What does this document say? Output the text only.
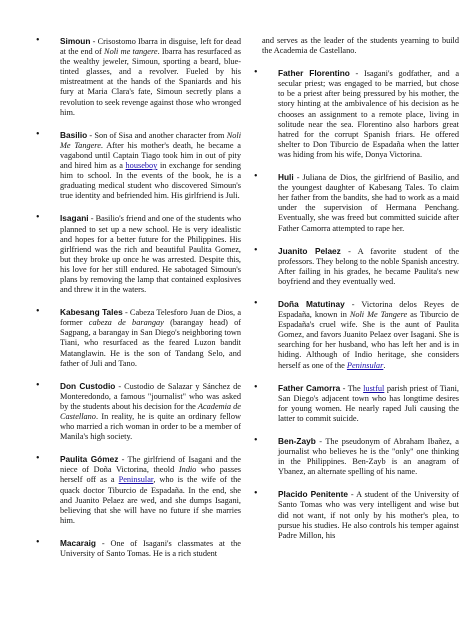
• Simoun - Crisostomo Ibarra in disguise, left for dead at the end of Noli me tangere. Ibarra has resurfaced as the wealthy jeweler, Simoun, sporting a beard, blue-tinted glasses, and a revolver. Fueled by his mistreatment at the hands of the Spaniards and his fury at Maria Clara's fate, Simoun secretly plans a revolution to seek revenge against those who wronged him.
• Basilio - Son of Sisa and another character from Noli Me Tangere. After his mother's death, he became a vagabond until Captain Tiago took him in out of pity and hired him as a houseboy in exchange for sending him to school. In the events of the book, he is a graduating medical student who discovered Simoun's true identity and befriended him. His girlfriend is Juli.
• Isagani - Basilio's friend and one of the students who planned to set up a new school. He is very idealistic and hopes for a better future for the Philippines. His girlfriend was the rich and beautiful Paulita Gomez, but they broke up once he was arrested. Despite this, his love for her still endured. He sabotaged Simoun's plans by removing the lamp that contained explosives and threw it in the waters.
• Kabesang Tales - Cabeza Telesforo Juan de Dios, a former cabeza de barangay (barangay head) of Sagpang, a barangay in San Diego's neighboring town Tiani, who resurfaced as the feared Luzon bandit Matanglawin. He is the son of Tandang Selo, and father of Juli and Tano.
• Don Custodio - Custodio de Salazar y Sánchez de Monteredondo, a famous "journalist" who was asked by the students about his decision for the Academia de Castellano. In reality, he is quite an ordinary fellow who married a rich woman in order to be a member of Manila's high society.
• Paulita Gómez - The girlfriend of Isagani and the niece of Doña Victorina, theold Indio who passes herself off as a Peninsular, who is the wife of the quack doctor Tiburcio de Espadaña. In the end, she and Juanito Pelaez are wed, and she dumps Isagani, believing that she will have no future if she marries him.
• Macaraig - One of Isagani's classmates at the University of Santo Tomas. He is a rich student
and serves as the leader of the students yearning to build the Academia de Castellano.
• Father Florentino - Isagani's godfather, and a secular priest; was engaged to be married, but chose to be a priest after being pressured by his mother, the story hinting at the ambivalence of his decision as he chooses an assignment to a remote place, living in solitude near the sea. Florentino also harbors great hatred for the corrupt Spanish friars. He offered shelter to Don Tiburcio de Espadaña when the latter was hiding from his wife, Donya Victorina.
• Huli - Juliana de Dios, the girlfriend of Basilio, and the youngest daughter of Kabesang Tales. To claim her father from the bandits, she had to work as a maid under the supervision of Hermana Penchang. Eventually, she was freed but committed suicide after Father Camorra attempted to rape her.
• Juanito Pelaez - A favorite student of the professors. They belong to the noble Spanish ancestry. After failing in his grades, he became Paulita's new boyfriend and they eventually wed.
• Doña Matutinay - Victorina delos Reyes de Espadaña, known in Noli Me Tangere as Tiburcio de Espadaña's cruel wife. She is the aunt of Paulita Gomez, and favors Juanito Pelaez over Isagani. She is searching for her husband, who has left her and is in hiding. Although of Indio heritage, she considers herself as one of the Peninsular.
• Father Camorra - The lustful parish priest of Tiani, San Diego's adjacent town who has longtime desires for young women. He nearly raped Juli causing the latter to commit suicide.
• Ben-Zayb - The pseudonym of Abraham Ibañez, a journalist who believes he is the "only" one thinking in the Philippines. Ben-Zayb is an anagram of Ybanez, an alternate spelling of his name.
• Placido Penitente - A student of the University of Santo Tomas who was very intelligent and wise but did not want, if not only by his mother's plea, to pursue his studies. He also controls his temper against Padre Millon, his
